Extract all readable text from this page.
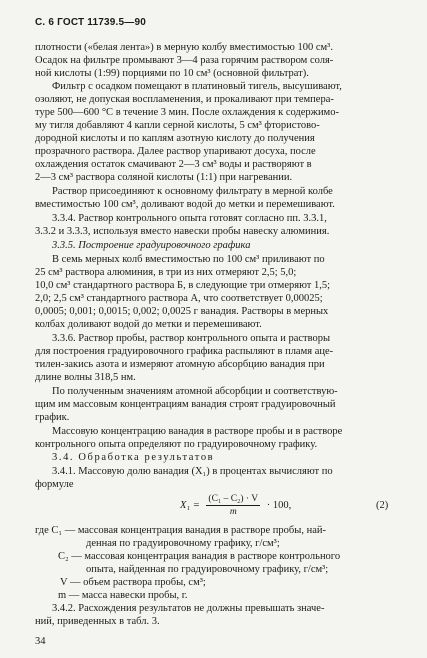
С. 6 ГОСТ 11739.5—90
плотности («белая лента») в мерную колбу вместимостью 100 см³.
Осадок на фильтре промывают 3—4 раза горячим раствором соля-
ной кислоты (1:99) порциями по 10 см³ (основной фильтрат).
Фильтр с осадком помещают в платиновый тигель, высушивают,
озоляют, не допуская воспламенения, и прокаливают при темпера-
туре 500—600 °С в течение 3 мин. После охлаждения к содержимо-
му тигля добавляют 4 капли серной кислоты, 5 см³ фтористово-
дородной кислоты и по каплям азотную кислоту до получения
прозрачного раствора. Далее раствор упаривают досуха, после
охлаждения остаток смачивают 2—3 см³ воды и растворяют в
2—3 см³ раствора соляной кислоты (1:1) при нагревании.
Раствор присоединяют к основному фильтрату в мерной колбе
вместимостью 100 см³, доливают водой до метки и перемешивают.
3.3.4. Раствор контрольного опыта готовят согласно пп. 3.3.1,
3.3.2 и 3.3.3, используя вместо навески пробы навеску алюминия.
3.3.5. Построение градуировочного графика
В семь мерных колб вместимостью по 100 см³ приливают по
25 см³ раствора алюминия, в три из них отмеряют 2,5; 5,0;
10,0 см³ стандартного раствора Б, в следующие три отмеряют 1,5;
2,0; 2,5 см³ стандартного раствора А, что соответствует 0,00025;
0,0005; 0,001; 0,0015; 0,002; 0,0025 г ванадия. Растворы в мерных
колбах доливают водой до метки и перемешивают.
3.3.6. Раствор пробы, раствор контрольного опыта и растворы
для построения градуировочного графика распыляют в пламя аце-
тилен-закись азота и измеряют атомную абсорбцию ванадия при
длине волны 318,5 нм.
По полученным значениям атомной абсорбции и соответствую-
щим им массовым концентрациям ванадия строят градуировочный
график.
Массовую концентрацию ванадия в растворе пробы и в растворе
контрольного опыта определяют по градуировочному графику.
3.4. Обработка результатов
3.4.1. Массовую долю ванадия (X₁) в процентах вычисляют по
формуле
$X_1 = \frac{\text{(C₁ – C₂) · V}}{m} \cdot 100$,	(2)
где C₁ — массовая концентрация ванадия в растворе пробы, най-
денная по градуировочному графику, г/см³;
C₂ — массовая концентрация ванадия в растворе контрольного
опыта, найденная по градуировочному графику, г/см³;
V — объем раствора пробы, см³;
m — масса навески пробы, г.
3.4.2. Расхождения результатов не должны превышать значе-
ний, приведенных в табл. 3.
34
